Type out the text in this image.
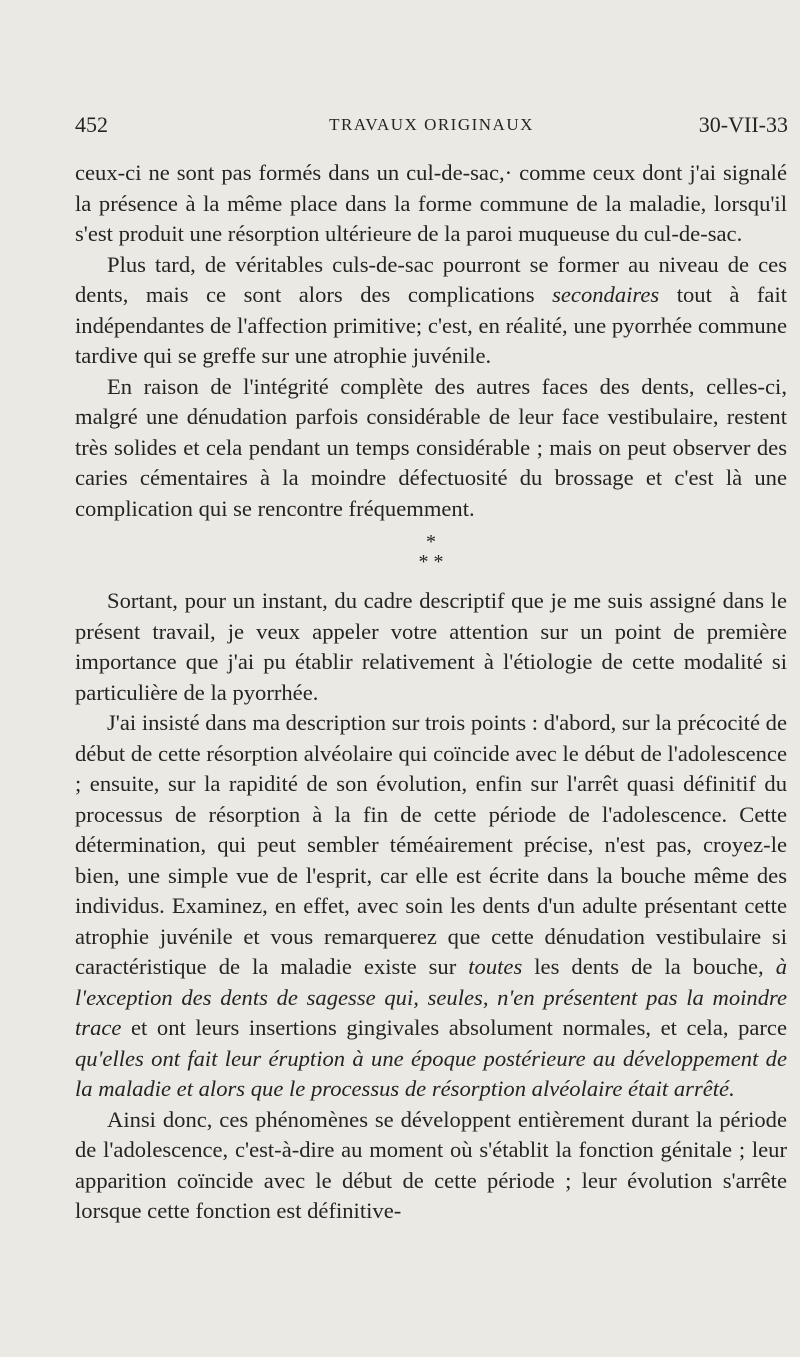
452	TRAVAUX ORIGINAUX	30-VII-33

ceux-ci ne sont pas formés dans un cul-de-sac,· comme ceux dont j'ai signalé la présence à la même place dans la forme commune de la maladie, lorsqu'il s'est produit une résorption ultérieure de la paroi muqueuse du cul-de-sac.

Plus tard, de véritables culs-de-sac pourront se former au niveau de ces dents, mais ce sont alors des complications secondaires tout à fait indépendantes de l'affection primitive; c'est, en réalité, une pyorrhée commune tardive qui se greffe sur une atrophie juvénile.

En raison de l'intégrité complète des autres faces des dents, celles-ci, malgré une dénudation parfois considérable de leur face vestibulaire, restent très solides et cela pendant un temps considérable ; mais on peut observer des caries cémentaires à la moindre défectuosité du brossage et c'est là une complication qui se rencontre fréquemment.

*
* *

Sortant, pour un instant, du cadre descriptif que je me suis assigné dans le présent travail, je veux appeler votre attention sur un point de première importance que j'ai pu établir relativement à l'étiologie de cette modalité si particulière de la pyorrhée.

J'ai insisté dans ma description sur trois points : d'abord, sur la précocité de début de cette résorption alvéolaire qui coïncide avec le début de l'adolescence ; ensuite, sur la rapidité de son évolution, enfin sur l'arrêt quasi définitif du processus de résorption à la fin de cette période de l'adolescence. Cette détermination, qui peut sembler téméairement précise, n'est pas, croyez-le bien, une simple vue de l'esprit, car elle est écrite dans la bouche même des individus. Examinez, en effet, avec soin les dents d'un adulte présentant cette atrophie juvénile et vous remarquerez que cette dénudation vestibulaire si caractéristique de la maladie existe sur toutes les dents de la bouche, à l'exception des dents de sagesse qui, seules, n'en présentent pas la moindre trace et ont leurs insertions gingivales absolument normales, et cela, parce qu'elles ont fait leur éruption à une époque postérieure au développement de la maladie et alors que le processus de résorption alvéolaire était arrêté.

Ainsi donc, ces phénomènes se développent entièrement durant la période de l'adolescence, c'est-à-dire au moment où s'établit la fonction génitale ; leur apparition coïncide avec le début de cette période ; leur évolution s'arrête lorsque cette fonction est définitive-
